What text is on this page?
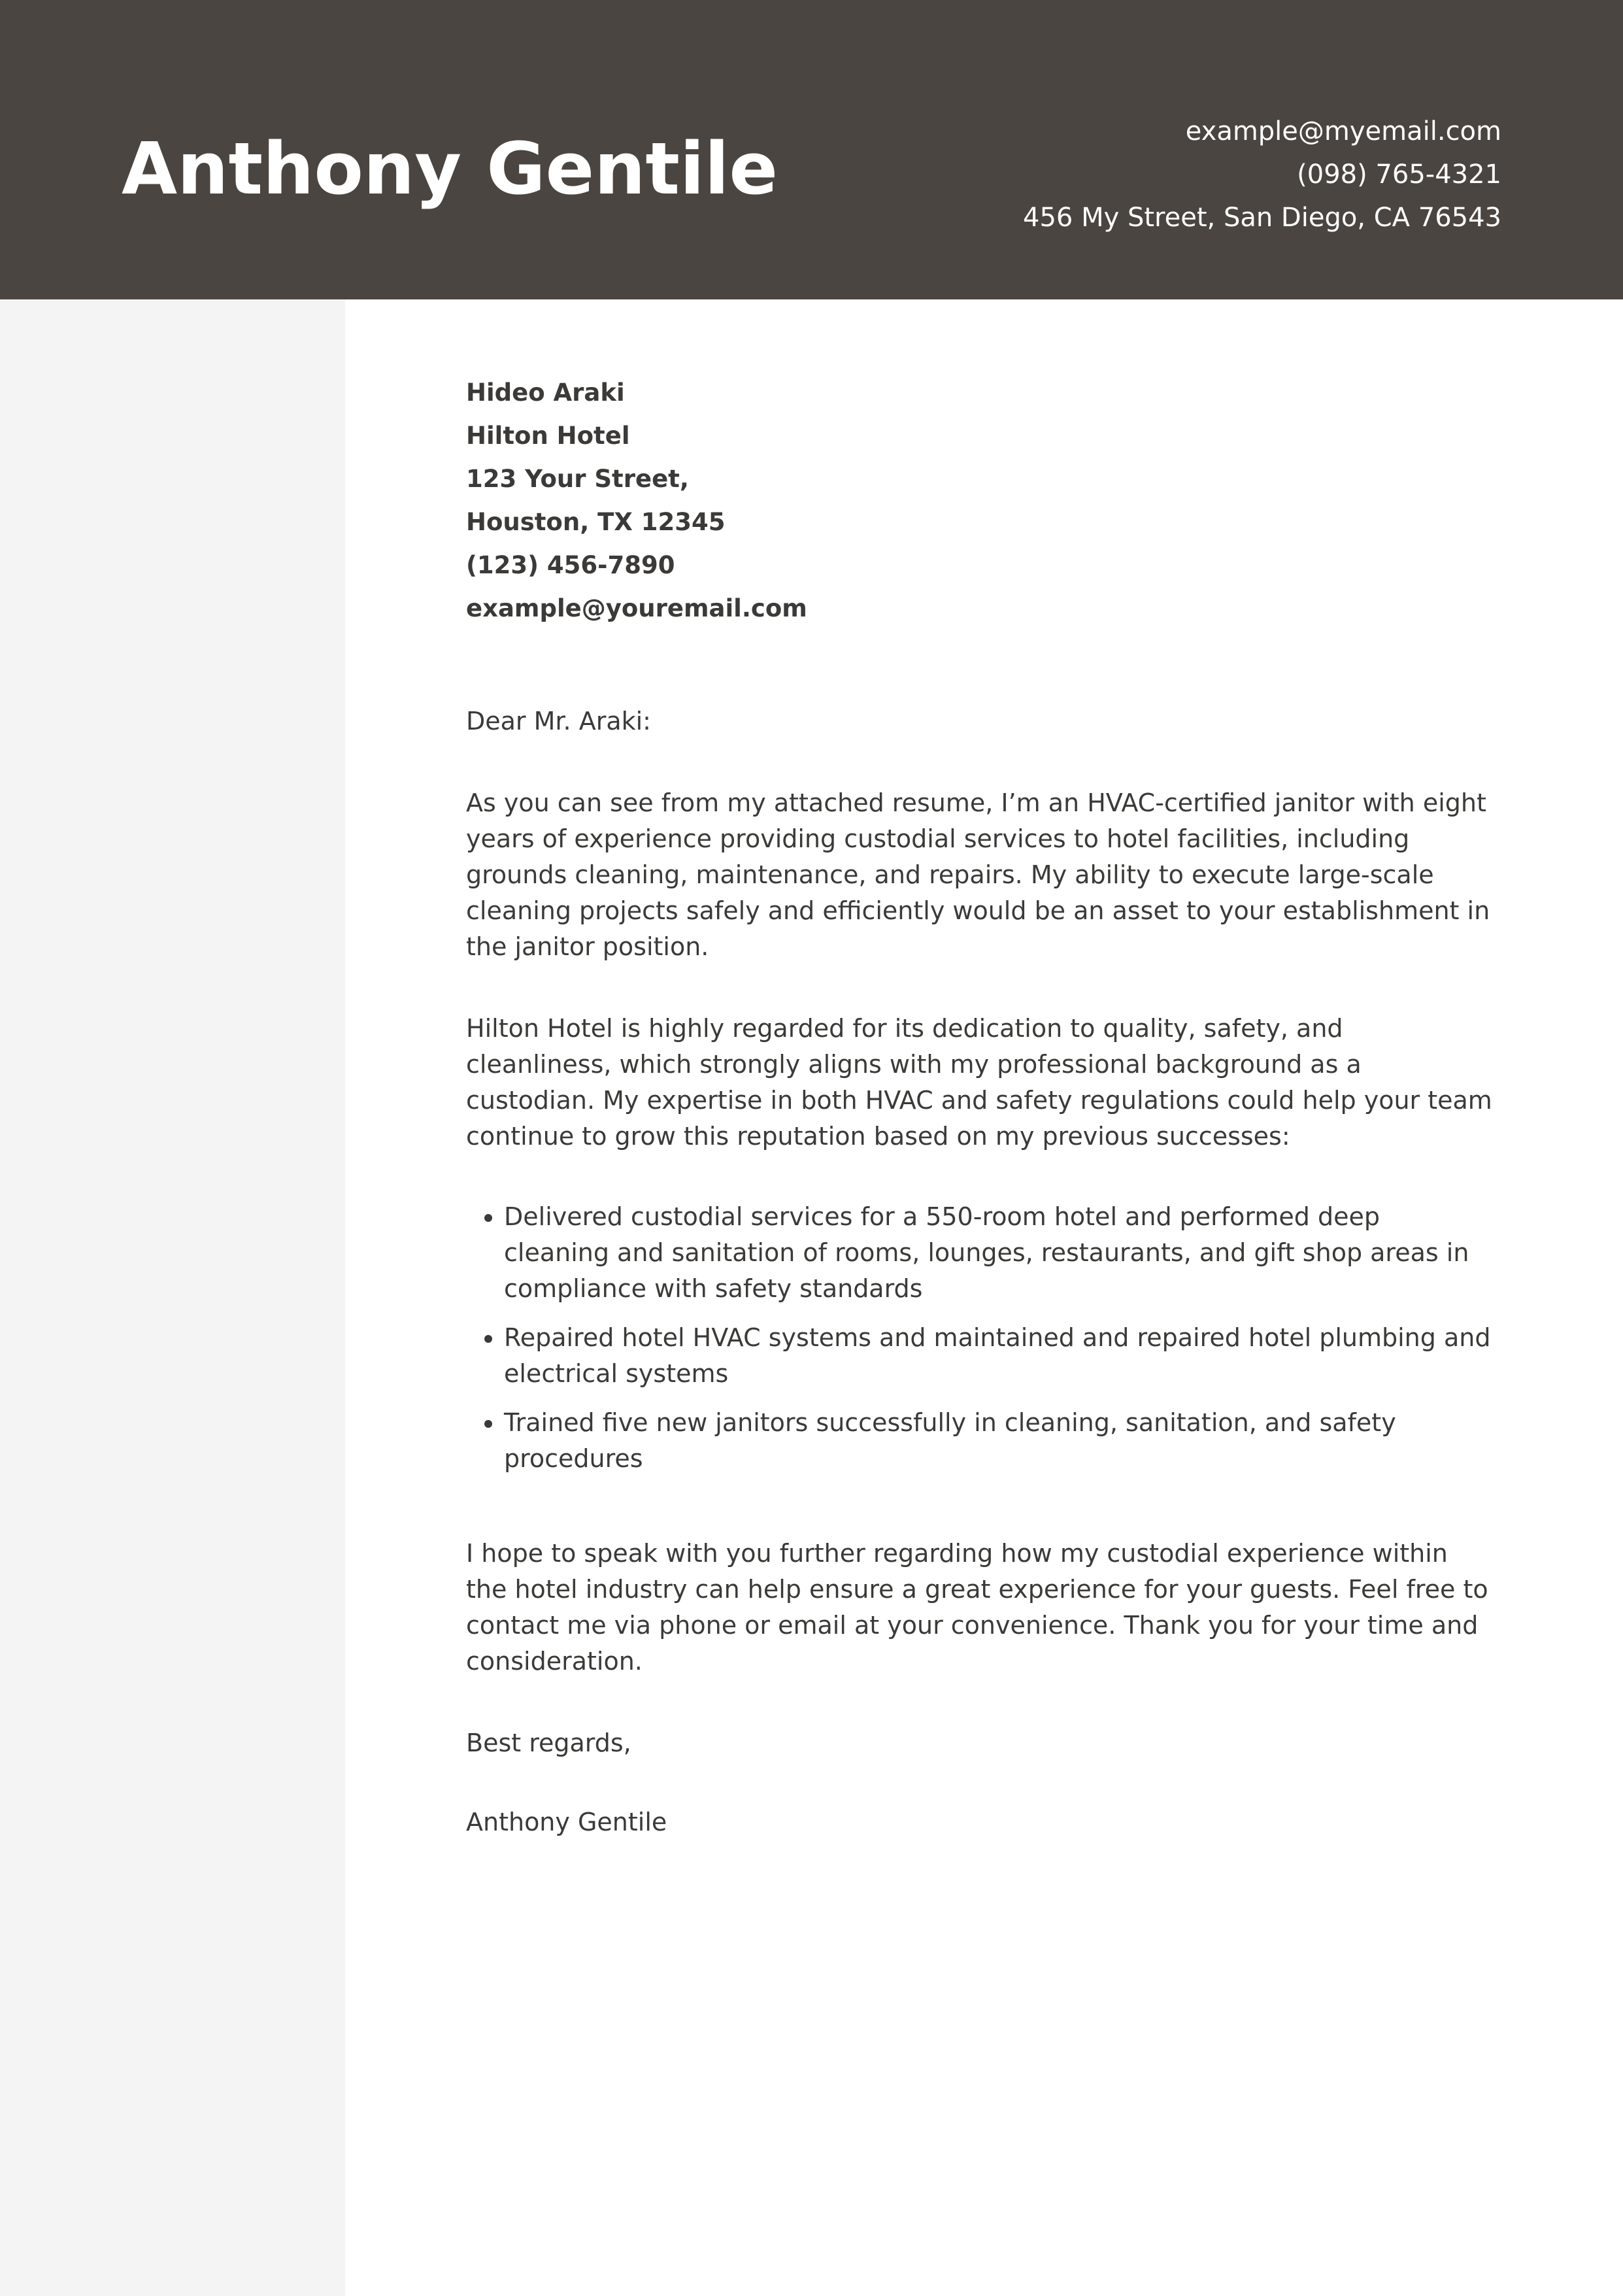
Anthony Gentile	example@myemail.com
(098) 765-4321
456 My Street, San Diego, CA 76543
Hideo Araki
Hilton Hotel
123 Your Street,
Houston, TX 12345
(123) 456-7890
example@youremail.com
Dear Mr. Araki:

As you can see from my attached resume, I’m an HVAC-certified janitor with eight years of experience providing custodial services to hotel facilities, including grounds cleaning, maintenance, and repairs. My ability to execute large-scale cleaning projects safely and efficiently would be an asset to your establishment in the janitor position.

Hilton Hotel is highly regarded for its dedication to quality, safety, and cleanliness, which strongly aligns with my professional background as a custodian. My expertise in both HVAC and safety regulations could help your team continue to grow this reputation based on my previous successes:

• Delivered custodial services for a 550-room hotel and performed deep cleaning and sanitation of rooms, lounges, restaurants, and gift shop areas in compliance with safety standards
• Repaired hotel HVAC systems and maintained and repaired hotel plumbing and electrical systems
• Trained five new janitors successfully in cleaning, sanitation, and safety procedures

I hope to speak with you further regarding how my custodial experience within the hotel industry can help ensure a great experience for your guests. Feel free to contact me via phone or email at your convenience. Thank you for your time and consideration.

Best regards,
Anthony Gentile
